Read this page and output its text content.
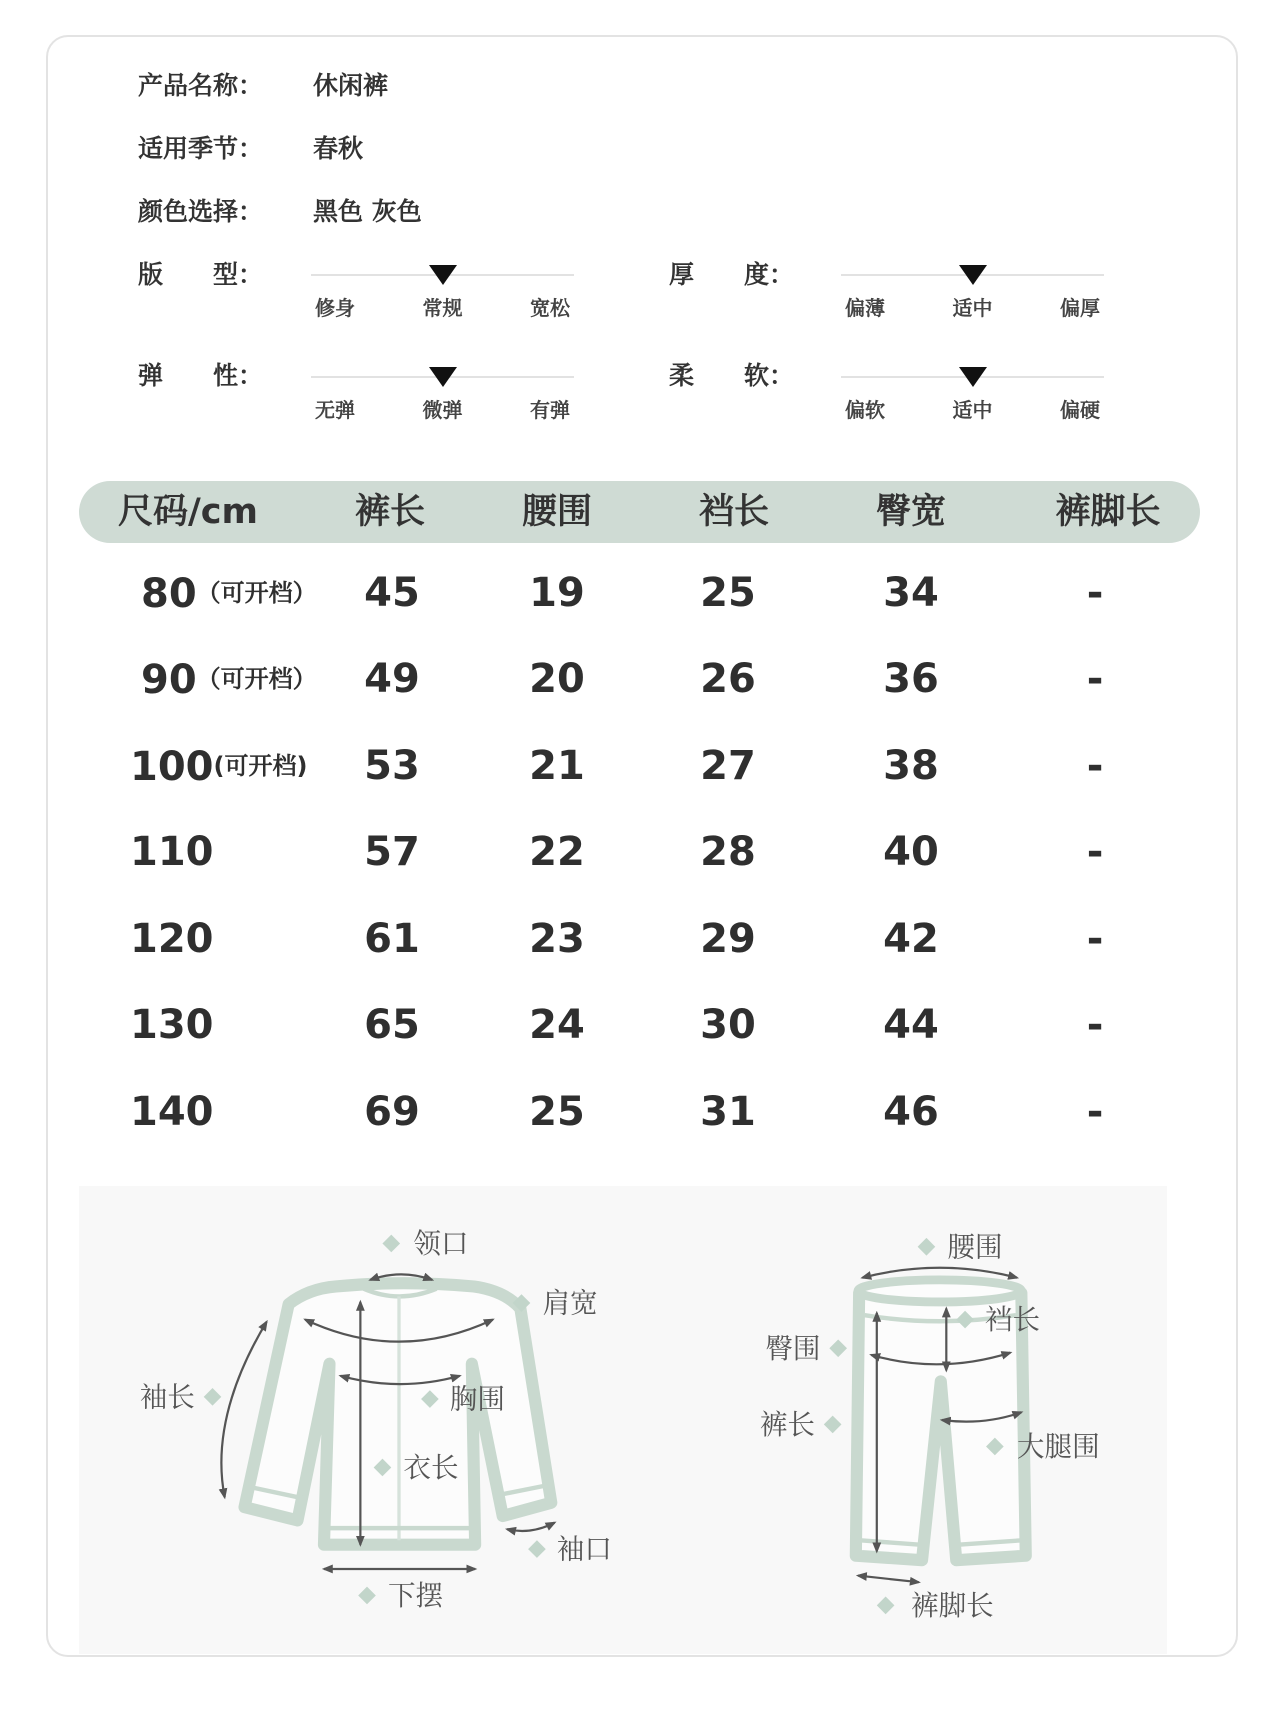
产品名称： 休闲裤
适用季节： 春秋
颜色选择： 黑色 灰色
版　　型：
修身	常规	宽松
厚　　度：
偏薄	适中	偏厚
弹　　性：
无弹	微弹	有弹
柔　　软：
偏软	适中	偏硬
尺码/cm	裤长	腰围	裆长	臀宽	裤脚长
80（可开档）	45	19	25	34	-
90（可开档）	49	20	26	36	-
100(可开档)	53	21	27	38	-
110	57	22	28	40	-
120	61	23	29	42	-
130	65	24	30	44	-
140	69	25	31	46	-
领口
肩宽
袖长	胸围
衣长
袖口
下摆
腰围
裆长
臀围
裤长
大腿围
裤脚长
